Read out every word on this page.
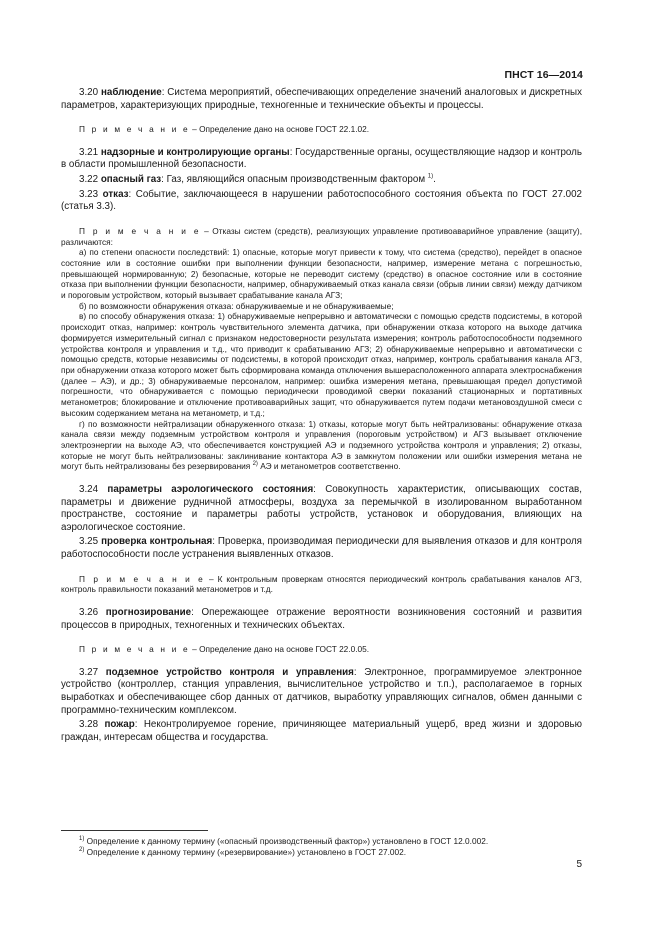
ПНСТ 16—2014

3.20 наблюдение: Система мероприятий, обеспечивающих определение значений аналоговых и дискретных параметров, характеризующих природные, техногенные и технические объекты и процессы.

П р и м е ч а н и е – Определение дано на основе ГОСТ 22.1.02.

3.21 надзорные и контролирующие органы: Государственные органы, осуществляющие надзор и контроль в области промышленной безопасности.

3.22 опасный газ: Газ, являющийся опасным производственным фактором $^{1)}$.

3.23 отказ: Событие, заключающееся в нарушении работоспособного состояния объекта по ГОСТ 27.002 (статья 3.3).

П р и м е ч а н и е – Отказы систем (средств), реализующих управление противоаварийное управление (защиту), различаются:

а) по степени опасности последствий: 1) опасные, которые могут привести к тому, что система (средство), перейдет в опасное состояние или в состояние ошибки при выполнении функции безопасности, например, измерение метана с погрешностью, превышающей нормированную; 2) безопасные, которые не переводит систему (средство) в опасное состояние или в состояние отказа при выполнении функции безопасности, например, обнаруживаемый отказ канала связи (обрыв линии связи) между датчиком и пороговым устройством, который вызывает срабатывание канала АГЗ;

б) по возможности обнаружения отказа: обнаруживаемые и не обнаруживаемые;

в) по способу обнаружения отказа: 1) обнаруживаемые непрерывно и автоматически с помощью средств подсистемы, в которой происходит отказ, например: контроль чувствительного элемента датчика, при обнаружении отказа которого на выходе датчика формируется измерительный сигнал с признаком недостоверности результата измерения; контроль работоспособности подземного устройства контроля и управления и т.д., что приводит к срабатыванию АГЗ; 2) обнаруживаемые непрерывно и автоматически с помощью средств, которые независимы от подсистемы, в которой происходит отказ, например, контроль срабатывания канала АГЗ, при обнаружении отказа которого может быть сформирована команда отключения вышерасположенного аппарата электроснабжения (далее – АЭ), и др.; 3) обнаруживаемые персоналом, например: ошибка измерения метана, превышающая предел допустимой погрешности, что обнаруживается с помощью периодически проводимой сверки показаний стационарных и портативных метанометров; блокирование и отключение противоаварийных защит, что обнаруживается путем подачи метановоздушной смеси с высоким содержанием метана на метанометр, и т.д.;

г) по возможности нейтрализации обнаруженного отказа: 1) отказы, которые могут быть нейтрализованы: обнаружение отказа канала связи между подземным устройством контроля и управления (пороговым устройством) и АГЗ вызывает отключение электроэнергии на выходе АЭ, что обеспечивается конструкцией АЭ и подземного устройства контроля и управления; 2) отказы, которые не могут быть нейтрализованы: заклинивание контактора АЭ в замкнутом положении или ошибки измерения метана не могут быть нейтрализованы без резервирования $^{2)}$ АЭ и метанометров соответственно.

3.24 параметры аэрологического состояния: Совокупность характеристик, описывающих состав, параметры и движение рудничной атмосферы, воздуха за перемычкой в изолированном выработанном пространстве, состояние и параметры работы устройств, установок и оборудования, влияющих на аэрологическое состояние.

3.25 проверка контрольная: Проверка, производимая периодически для выявления отказов и для контроля работоспособности после устранения выявленных отказов.

П р и м е ч а н и е – К контрольным проверкам относятся периодический контроль срабатывания каналов АГЗ, контроль правильности показаний метанометров и т.д.

3.26 прогнозирование: Опережающее отражение вероятности возникновения состояний и развития процессов в природных, техногенных и технических объектах.

П р и м е ч а н и е – Определение дано на основе ГОСТ 22.0.05.

3.27 подземное устройство контроля и управления: Электронное, программируемое электронное устройство (контроллер, станция управления, вычислительное устройство и т.п.), располагаемое в горных выработках и обеспечивающее сбор данных от датчиков, выработку управляющих сигналов, обмен данными с программно-техническим комплексом.

3.28 пожар: Неконтролируемое горение, причиняющее материальный ущерб, вред жизни и здоровью граждан, интересам общества и государства.

$^{1)}$ Определение к данному термину («опасный производственный фактор») установлено в ГОСТ 12.0.002.

$^{2)}$ Определение к данному термину («резервирование») установлено в ГОСТ 27.002.

5
